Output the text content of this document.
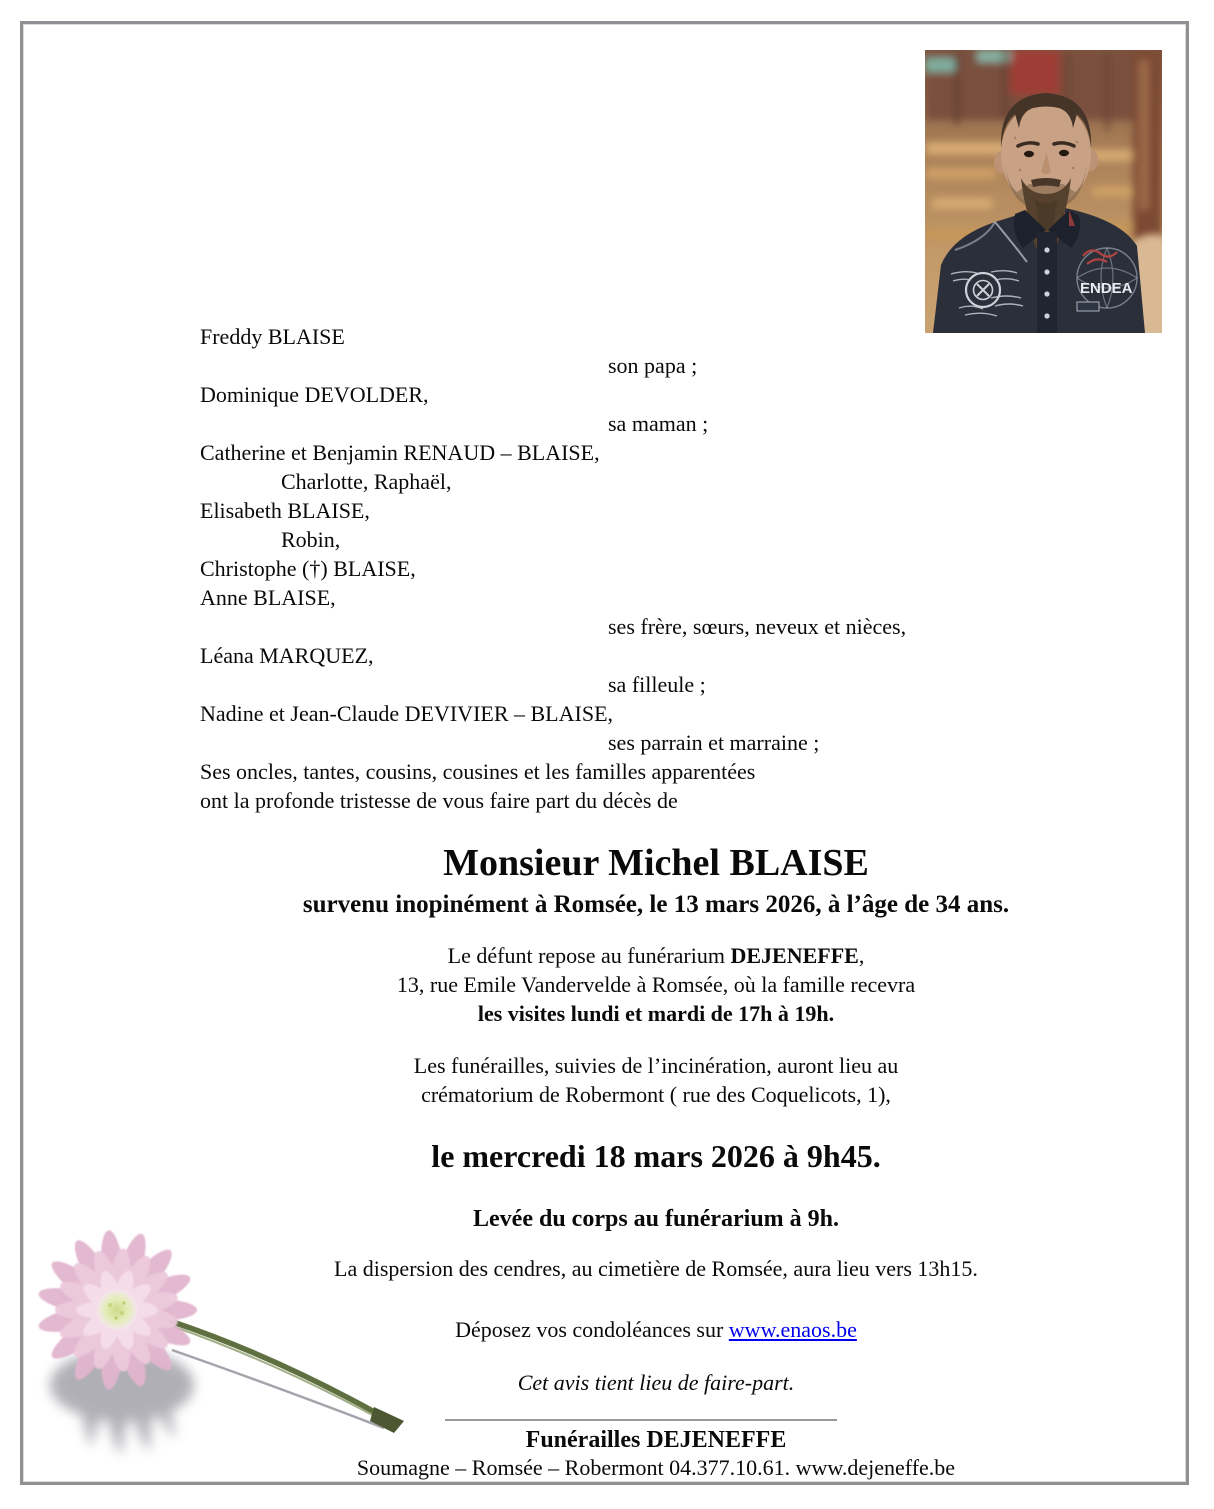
ENDEA
Freddy BLAISE
son papa ;
Dominique DEVOLDER,
sa maman ;
Catherine et Benjamin RENAUD – BLAISE,
Charlotte, Raphaël,
Elisabeth BLAISE,
Robin,
Christophe (†) BLAISE,
Anne BLAISE,
ses frère, sœurs, neveux et nièces,
Léana MARQUEZ,
sa filleule ;
Nadine et Jean-Claude DEVIVIER – BLAISE,
ses parrain et marraine ;
Ses oncles, tantes, cousins, cousines et les familles apparentées
ont la profonde tristesse de vous faire part du décès de
Monsieur Michel BLAISE
survenu inopinément à Romsée, le 13 mars 2026, à l’âge de 34 ans.
Le défunt repose au funérarium DEJENEFFE,
13, rue Emile Vandervelde à Romsée, où la famille recevra
les visites lundi et mardi de 17h à 19h.
Les funérailles, suivies de l’incinération, auront lieu au
crématorium de Robermont ( rue des Coquelicots, 1),
le mercredi 18 mars 2026 à 9h45.
Levée du corps au funérarium à 9h.
La dispersion des cendres, au cimetière de Romsée, aura lieu vers 13h15.
Déposez vos condoléances sur www.enaos.be
Cet avis tient lieu de faire-part.
Funérailles DEJENEFFE
Soumagne – Romsée – Robermont 04.377.10.61. www.dejeneffe.be
